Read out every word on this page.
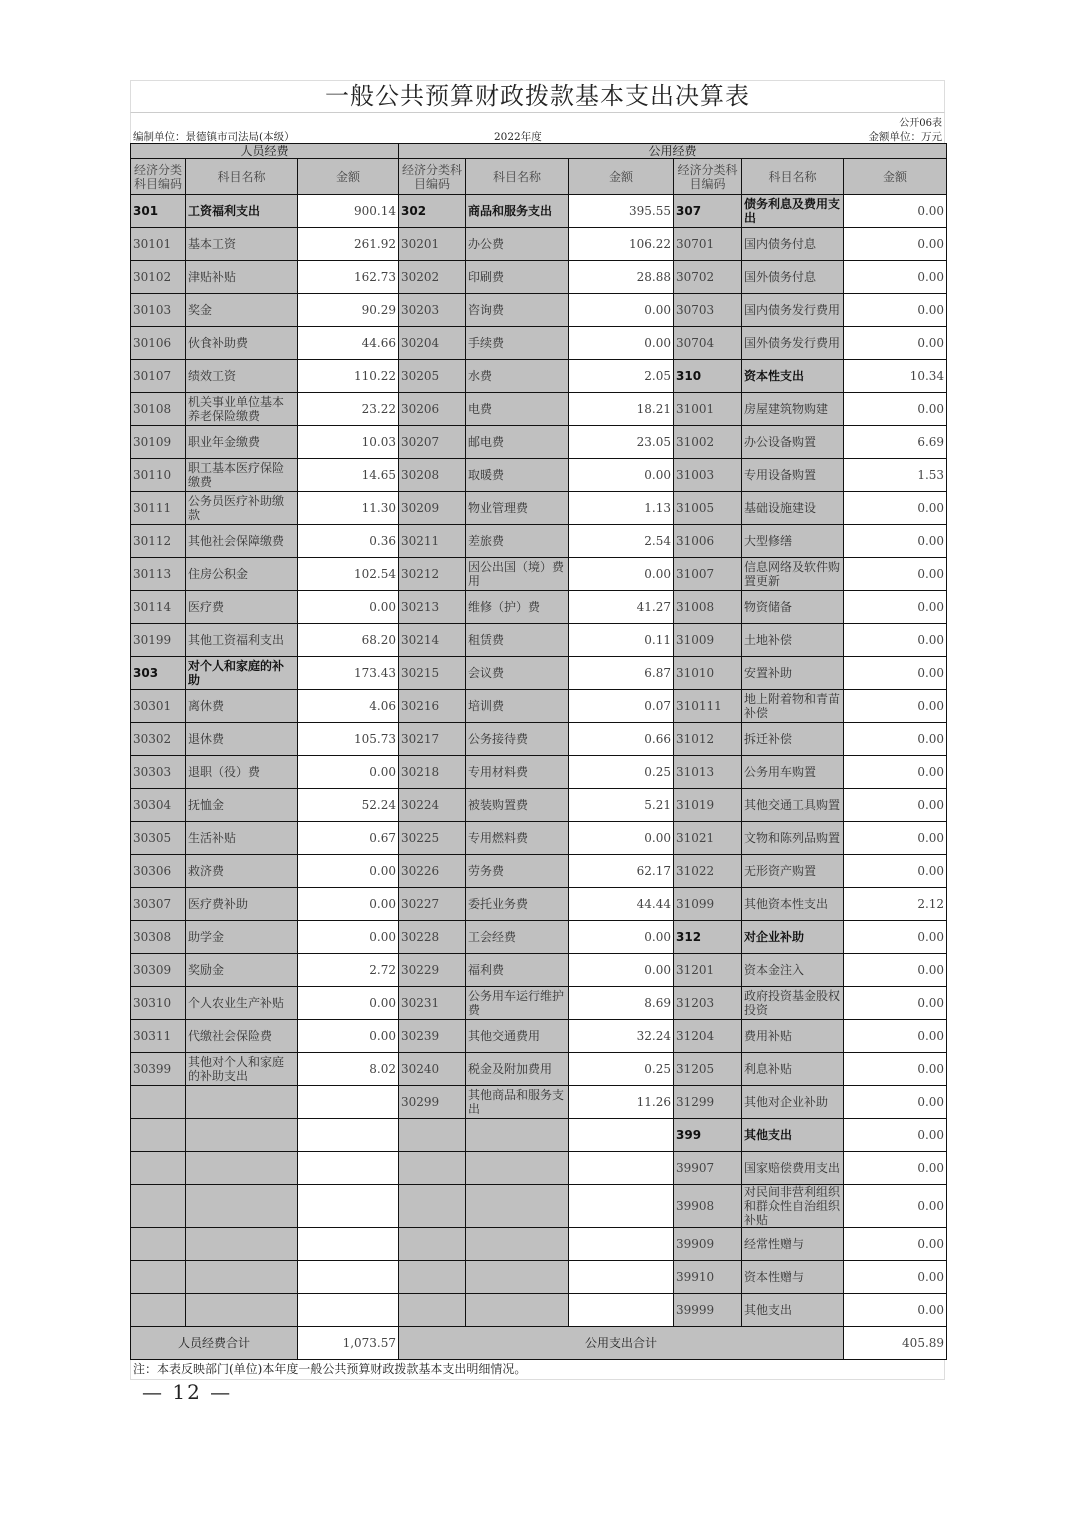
一般公共预算财政拨款基本支出决算表
公开06表
编制单位：景德镇市司法局(本级）	2022年度	金额单位：万元
人员经费			公用经费					
经济分类科目编码	科目名称	金额	经济分类科目编码	科目名称	金额	经济分类科目编码	科目名称	金额
301	工资福利支出	900.14	302	商品和服务支出	395.55	307	债务利息及费用支出	0.00
30101	基本工资	261.92	30201	办公费	106.22	30701	国内债务付息	0.00
30102	津贴补贴	162.73	30202	印刷费	28.88	30702	国外债务付息	0.00
30103	奖金	90.29	30203	咨询费	0.00	30703	国内债务发行费用	0.00
30106	伙食补助费	44.66	30204	手续费	0.00	30704	国外债务发行费用	0.00
30107	绩效工资	110.22	30205	水费	2.05	310	资本性支出	10.34
30108	机关事业单位基本养老保险缴费	23.22	30206	电费	18.21	31001	房屋建筑物购建	0.00
30109	职业年金缴费	10.03	30207	邮电费	23.05	31002	办公设备购置	6.69
30110	职工基本医疗保险缴费	14.65	30208	取暖费	0.00	31003	专用设备购置	1.53
30111	公务员医疗补助缴款	11.30	30209	物业管理费	1.13	31005	基础设施建设	0.00
30112	其他社会保障缴费	0.36	30211	差旅费	2.54	31006	大型修缮	0.00
30113	住房公积金	102.54	30212	因公出国（境）费用	0.00	31007	信息网络及软件购置更新	0.00
30114	医疗费	0.00	30213	维修（护）费	41.27	31008	物资储备	0.00
30199	其他工资福利支出	68.20	30214	租赁费	0.11	31009	土地补偿	0.00
303	对个人和家庭的补助	173.43	30215	会议费	6.87	31010	安置补助	0.00
30301	离休费	4.06	30216	培训费	0.07	310111	地上附着物和青苗补偿	0.00
30302	退休费	105.73	30217	公务接待费	0.66	31012	拆迁补偿	0.00
30303	退职（役）费	0.00	30218	专用材料费	0.25	31013	公务用车购置	0.00
30304	抚恤金	52.24	30224	被装购置费	5.21	31019	其他交通工具购置	0.00
30305	生活补贴	0.67	30225	专用燃料费	0.00	31021	文物和陈列品购置	0.00
30306	救济费	0.00	30226	劳务费	62.17	31022	无形资产购置	0.00
30307	医疗费补助	0.00	30227	委托业务费	44.44	31099	其他资本性支出	2.12
30308	助学金	0.00	30228	工会经费	0.00	312	对企业补助	0.00
30309	奖励金	2.72	30229	福利费	0.00	31201	资本金注入	0.00
30310	个人农业生产补贴	0.00	30231	公务用车运行维护费	8.69	31203	政府投资基金股权投资	0.00
30311	代缴社会保险费	0.00	30239	其他交通费用	32.24	31204	费用补贴	0.00
30399	其他对个人和家庭的补助支出	8.02	30240	税金及附加费用	0.25	31205	利息补贴	0.00
			30299	其他商品和服务支出	11.26	31299	其他对企业补助	0.00
						399	其他支出	0.00
						39907	国家赔偿费用支出	0.00
						39908	对民间非营利组织和群众性自治组织补贴	0.00
						39909	经常性赠与	0.00
						39910	资本性赠与	0.00
						39999	其他支出	0.00
人员经费合计		1,073.57	公用支出合计					405.89
注：本表反映部门(单位)本年度一般公共预算财政拨款基本支出明细情况。
— 12 —
